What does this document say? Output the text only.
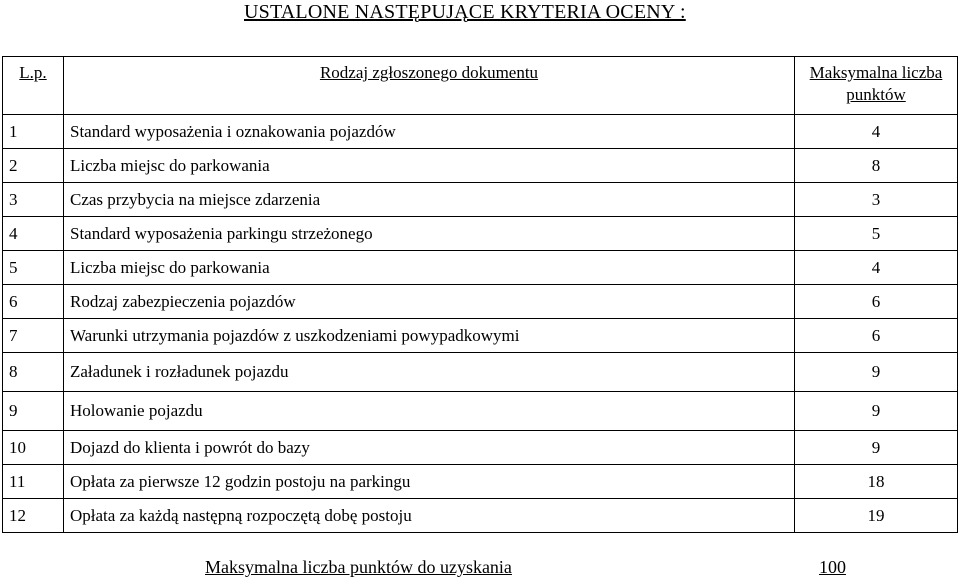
USTALONE NASTĘPUJĄCE KRYTERIA OCENY :
L.p.	Rodzaj zgłoszonego dokumentu	Maksymalna liczba punktów
1	Standard wyposażenia i oznakowania pojazdów	4
2	Liczba miejsc do parkowania	8
3	Czas przybycia na miejsce zdarzenia	3
4	Standard wyposażenia parkingu strzeżonego	5
5	Liczba miejsc do parkowania	4
6	Rodzaj zabezpieczenia pojazdów	6
7	Warunki utrzymania pojazdów z uszkodzeniami powypadkowymi	6
8	Załadunek i rozładunek pojazdu	9
9	Holowanie pojazdu	9
10	Dojazd do klienta i powrót do bazy	9
11	Opłata za pierwsze 12 godzin postoju na parkingu	18
12	Opłata za każdą następną rozpoczętą dobę postoju	19
Maksymalna liczba punktów do uzyskania	100
